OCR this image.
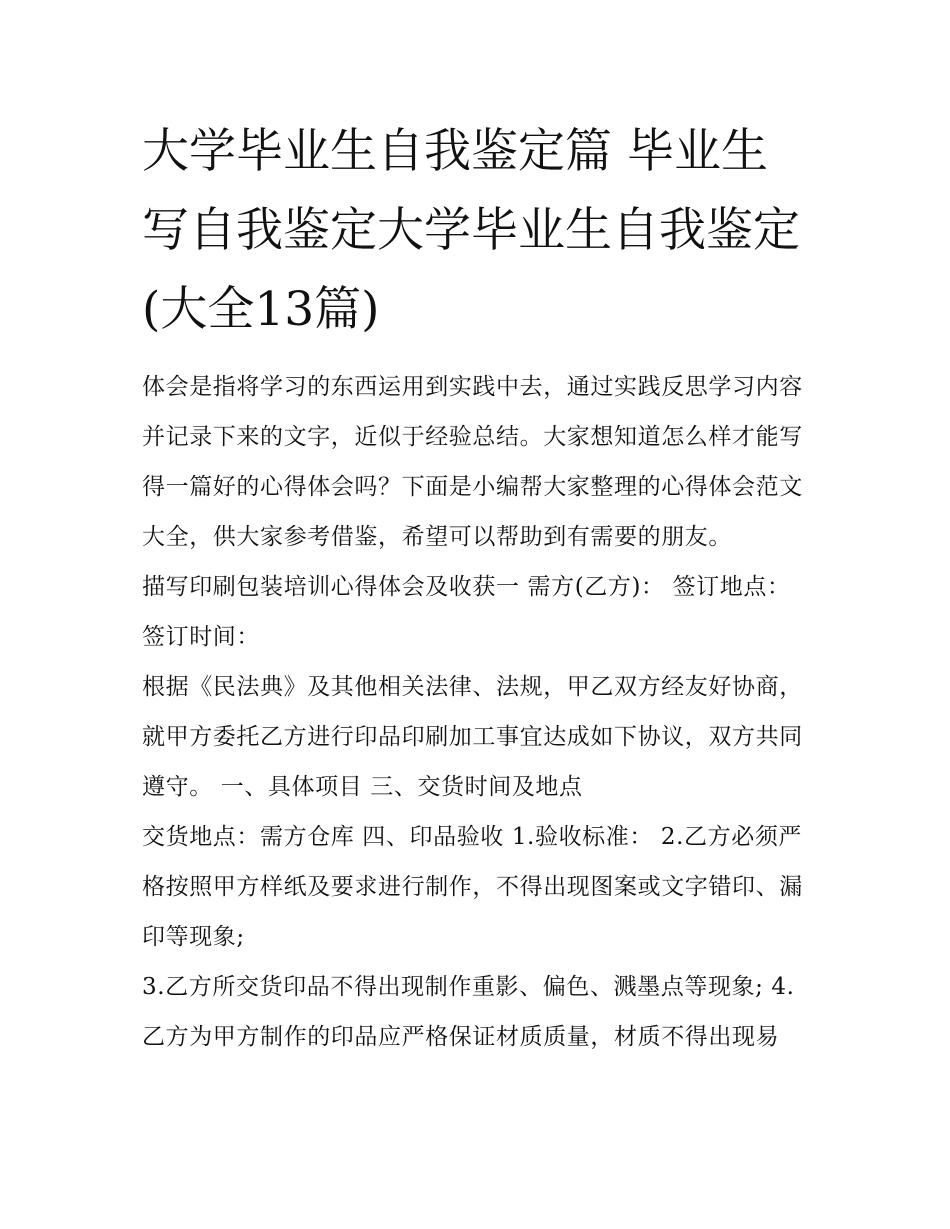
大学毕业生自我鉴定篇 毕业生写自我鉴定大学毕业生自我鉴定(大全13篇)

体会是指将学习的东西运用到实践中去，通过实践反思学习内容并记录下来的文字，近似于经验总结。大家想知道怎么样才能写得一篇好的心得体会吗？下面是小编帮大家整理的心得体会范文大全，供大家参考借鉴，希望可以帮助到有需要的朋友。

描写印刷包装培训心得体会及收获一 需方(乙方)： 签订地点： 签订时间：

根据《民法典》及其他相关法律、法规，甲乙双方经友好协商，就甲方委托乙方进行印品印刷加工事宜达成如下协议，双方共同遵守。 一、具体项目 三、交货时间及地点

交货地点：需方仓库 四、印品验收 1.验收标准： 2.乙方必须严格按照甲方样纸及要求进行制作，不得出现图案或文字错印、漏印等现象;

3.乙方所交货印品不得出现制作重影、偏色、溅墨点等现象; 4.乙方为甲方制作的印品应严格保证材质质量，材质不得出现易
